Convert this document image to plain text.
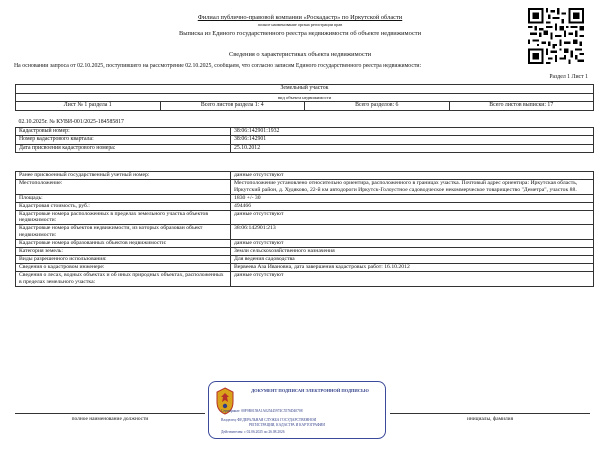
Филиал публично-правовой компании «Роскадастр» по Иркутской области
полное наименование органа регистрации прав
Выписка из Единого государственного реестра недвижимости об объекте недвижимости
Сведения о характеристиках объекта недвижимости
На основании запроса от 02.10.2025, поступившего на рассмотрение 02.10.2025, сообщаем, что согласно записям Единого государственного реестра недвижимости:
Раздел 1 Лист 1
Земельный участок
вид объекта недвижимости
Лист № 1 раздела 1	Всего листов раздела 1: 4	Всего разделов: 6	Всего листов выписки: 17
02.10.2025г. № КУВИ-001/2025-184585817	
Кадастровый номер:	38:06:142901:1932
Номер кадастрового квартала:	38:06:142901
Дата присвоения кадастрового номера:	25.10.2012
Ранее присвоенный государственный учетный номер:	данные отсутствуют
Местоположение:	Местоположение установлено относительно ориентира, расположенного в границах участка. Почтовый адрес ориентира: Иркутская область, Иркутский район, д. Худяково, 22-й км автодороги Иркутск-Голоустное садоводческое некоммерческое товарищество "Деметра", участок 88.
Площадь:	1830 +/- 30
Кадастровая стоимость, руб.:	494466
Кадастровые номера расположенных в пределах земельного участка объектов недвижимости:	данные отсутствуют
Кадастровые номера объектов недвижимости, из которых образован объект недвижимости:	38:06:142901:213
Кадастровые номера образованных объектов недвижимости:	данные отсутствуют
Категория земель:	Земли сельскохозяйственного назначения
Виды разрешенного использования:	Для ведения садоводства
Сведения о кадастровом инженере:	Вервеева Аза Ивановна, дата завершения кадастровых работ: 16.10.2012
Сведения о лесах, водных объектах и об иных природных объектах, расположенных в пределах земельного участка:	данные отсутствуют
полное наименование должности	инициалы, фамилия
ДОКУМЕНТ ПОДПИСАН ЭЛЕКТРОННОЙ ПОДПИСЬЮ
Сертификат: 00F9B0158A1A025445974C5576D40708
Владелец: ФЕДЕРАЛЬНАЯ СЛУЖБА ГОСУДАРСТВЕННОЙ
РЕГИСТРАЦИИ, КАДАСТРА И КАРТОГРАФИИ
Действителен: с 02.06.2025 по 26.08.2026
